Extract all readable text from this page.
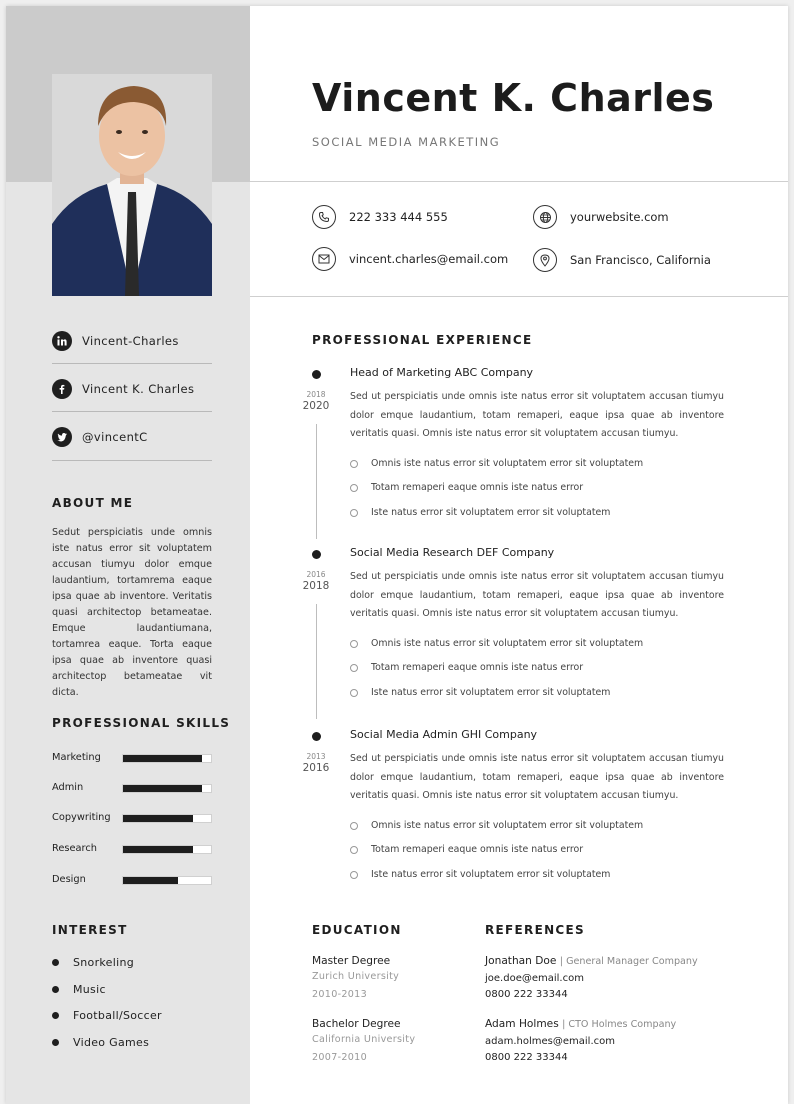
Vincent-Charles
Vincent K. Charles
@vincentC
ABOUT ME
Sedut perspiciatis unde omnis iste natus error sit voluptatem accusan tiumyu dolor emque laudantium, tortamrema eaque ipsa quae ab inventore. Veritatis quasi architectop betameatae. Emque laudantiumana, tortamrea eaque. Torta eaque ipsa quae ab inventore quasi architectop betameatae vit dicta.
PROFESSIONAL SKILLS
Marketing
Admin
Copywriting
Research
Design
INTEREST
Snorkeling
Music
Football/Soccer
Video Games
Vincent K. Charles
SOCIAL MEDIA MARKETING
222 333 444 555	yourwebsite.com
vincent.charles@email.com	San Francisco, California
PROFESSIONAL EXPERIENCE
2018
2020
Head of Marketing ABC Company
Sed ut perspiciatis unde omnis iste natus error sit voluptatem accusan tiumyu dolor emque laudantium, totam remaperi, eaque ipsa quae ab inventore veritatis quasi. Omnis iste natus error sit voluptatem accusan tiumyu.
Omnis iste natus error sit voluptatem error sit voluptatem
Totam remaperi eaque omnis iste natus error
Iste natus error sit voluptatem error sit voluptatem
2016
2018
Social Media Research DEF Company
Sed ut perspiciatis unde omnis iste natus error sit voluptatem accusan tiumyu dolor emque laudantium, totam remaperi, eaque ipsa quae ab inventore veritatis quasi. Omnis iste natus error sit voluptatem accusan tiumyu.
Omnis iste natus error sit voluptatem error sit voluptatem
Totam remaperi eaque omnis iste natus error
Iste natus error sit voluptatem error sit voluptatem
2013
2016
Social Media Admin GHI Company
Sed ut perspiciatis unde omnis iste natus error sit voluptatem accusan tiumyu dolor emque laudantium, totam remaperi, eaque ipsa quae ab inventore veritatis quasi. Omnis iste natus error sit voluptatem accusan tiumyu.
Omnis iste natus error sit voluptatem error sit voluptatem
Totam remaperi eaque omnis iste natus error
Iste natus error sit voluptatem error sit voluptatem
EDUCATION
Master Degree
Zurich University
2010-2013
Bachelor Degree
California University
2007-2010
REFERENCES
Jonathan Doe | General Manager Company
joe.doe@email.com
0800 222 33344
Adam Holmes | CTO Holmes Company
adam.holmes@email.com
0800 222 33344
